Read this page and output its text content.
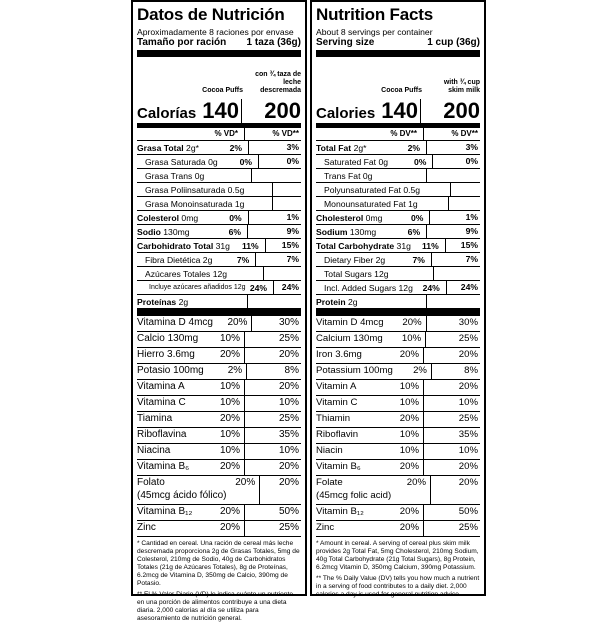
Datos de Nutrición
Aproximadamente 8 raciones por envase
Tamaño por ración 1 taza (36g)
Cocoa Puffs
con ¾ taza de leche descremada
Calorías 140	200
% VD*	% VD**
Grasa Total 2g*	2%	3%
Grasa Saturada 0g	0%	0%
Grasa Trans 0g
Grasa Poliinsaturada 0.5g
Grasa Monoinsaturada 1g
Colesterol 0mg	0%	1%
Sodio 130mg	6%	9%
Carbohidrato Total 31g	11%	15%
Fibra Dietética 2g	7%	7%
Azúcares Totales 12g
Incluye azúcares añadidos 12g 24%	24%
Proteínas 2g
Vitamina D 4mcg	20%	30%
Calcio 130mg	10%	25%
Hierro 3.6mg	20%	20%
Potasio 100mg	2%	8%
Vitamina A	10%	20%
Vitamina C	10%	10%
Tiamina	20%	25%
Riboflavina	10%	35%
Niacina	10%	10%
Vitamina B₆	20%	20%
Folato
(45mcg ácido fólico)
20%	20%
Vitamina B₁₂	20%	50%
Zinc	20%	25%
* Cantidad en cereal. Una ración de cereal más leche descremada proporciona 2g de Grasas Totales, 5mg de Colesterol, 210mg de Sodio, 40g de Carbohidratos Totales (21g de Azúcares Totales), 8g de Proteínas, 6.2mcg de Vitamina D, 350mg de Calcio, 390mg de Potasio.
** El % Valor Diario (VD) le indica cuánto un nutriente en una porción de alimentos contribuye a una dieta diaria. 2,000 calorías al día se utiliza para asesoramiento de nutrición general.
Nutrition Facts
About 8 servings per container
Serving size	1 cup (36g)
Cocoa Puffs
with ¾ cup skim milk
Calories 140	200
% DV**	% DV**
Total Fat 2g*	2%	3%
Saturated Fat 0g	0%	0%
Trans Fat 0g
Polyunsaturated Fat 0.5g
Monounsaturated Fat 1g
Cholesterol 0mg	0%	1%
Sodium 130mg	6%	9%
Total Carbohydrate 31g	11%	15%
Dietary Fiber 2g	7%	7%
Total Sugars 12g
Incl. Added Sugars 12g	24%	24%
Protein 2g
Vitamin D 4mcg	20%	30%
Calcium 130mg	10%	25%
Iron 3.6mg	20%	20%
Potassium 100mg	2%	8%
Vitamin A	10%	20%
Vitamin C	10%	10%
Thiamin	20%	25%
Riboflavin	10%	35%
Niacin	10%	10%
Vitamin B₆	20%	20%
Folate
(45mcg folic acid)
20%	20%
Vitamin B₁₂	20%	50%
Zinc	20%	25%
* Amount in cereal. A serving of cereal plus skim milk provides 2g Total Fat, 5mg Cholesterol, 210mg Sodium, 40g Total Carbohydrate (21g Total Sugars), 8g Protein, 6.2mcg Vitamin D, 350mg Calcium, 390mg Potassium.
** The % Daily Value (DV) tells you how much a nutrient in a serving of food contributes to a daily diet. 2,000 calories a day is used for general nutrition advice.
